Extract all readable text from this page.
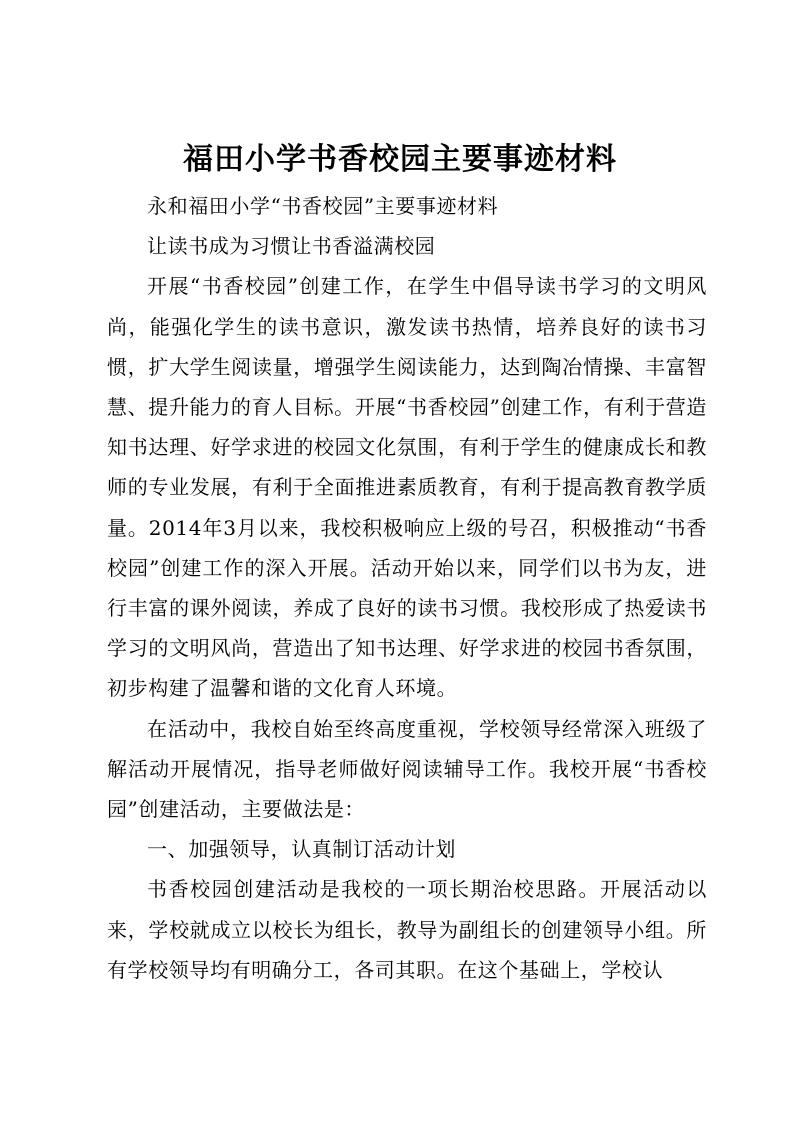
福田小学书香校园主要事迹材料

永和福田小学“书香校园”主要事迹材料

让读书成为习惯让书香溢满校园

开展“书香校园”创建工作，在学生中倡导读书学习的文明风尚，能强化学生的读书意识，激发读书热情，培养良好的读书习惯，扩大学生阅读量，增强学生阅读能力，达到陶冶情操、丰富智慧、提升能力的育人目标。开展“书香校园”创建工作，有利于营造知书达理、好学求进的校园文化氛围，有利于学生的健康成长和教师的专业发展，有利于全面推进素质教育，有利于提高教育教学质量。2014年3月以来，我校积极响应上级的号召，积极推动“书香校园”创建工作的深入开展。活动开始以来，同学们以书为友，进行丰富的课外阅读，养成了良好的读书习惯。我校形成了热爱读书学习的文明风尚，营造出了知书达理、好学求进的校园书香氛围，初步构建了温馨和谐的文化育人环境。

在活动中，我校自始至终高度重视，学校领导经常深入班级了解活动开展情况，指导老师做好阅读辅导工作。我校开展“书香校园”创建活动，主要做法是：

一、加强领导，认真制订活动计划

书香校园创建活动是我校的一项长期治校思路。开展活动以来，学校就成立以校长为组长，教导为副组长的创建领导小组。所有学校领导均有明确分工，各司其职。在这个基础上，学校认
